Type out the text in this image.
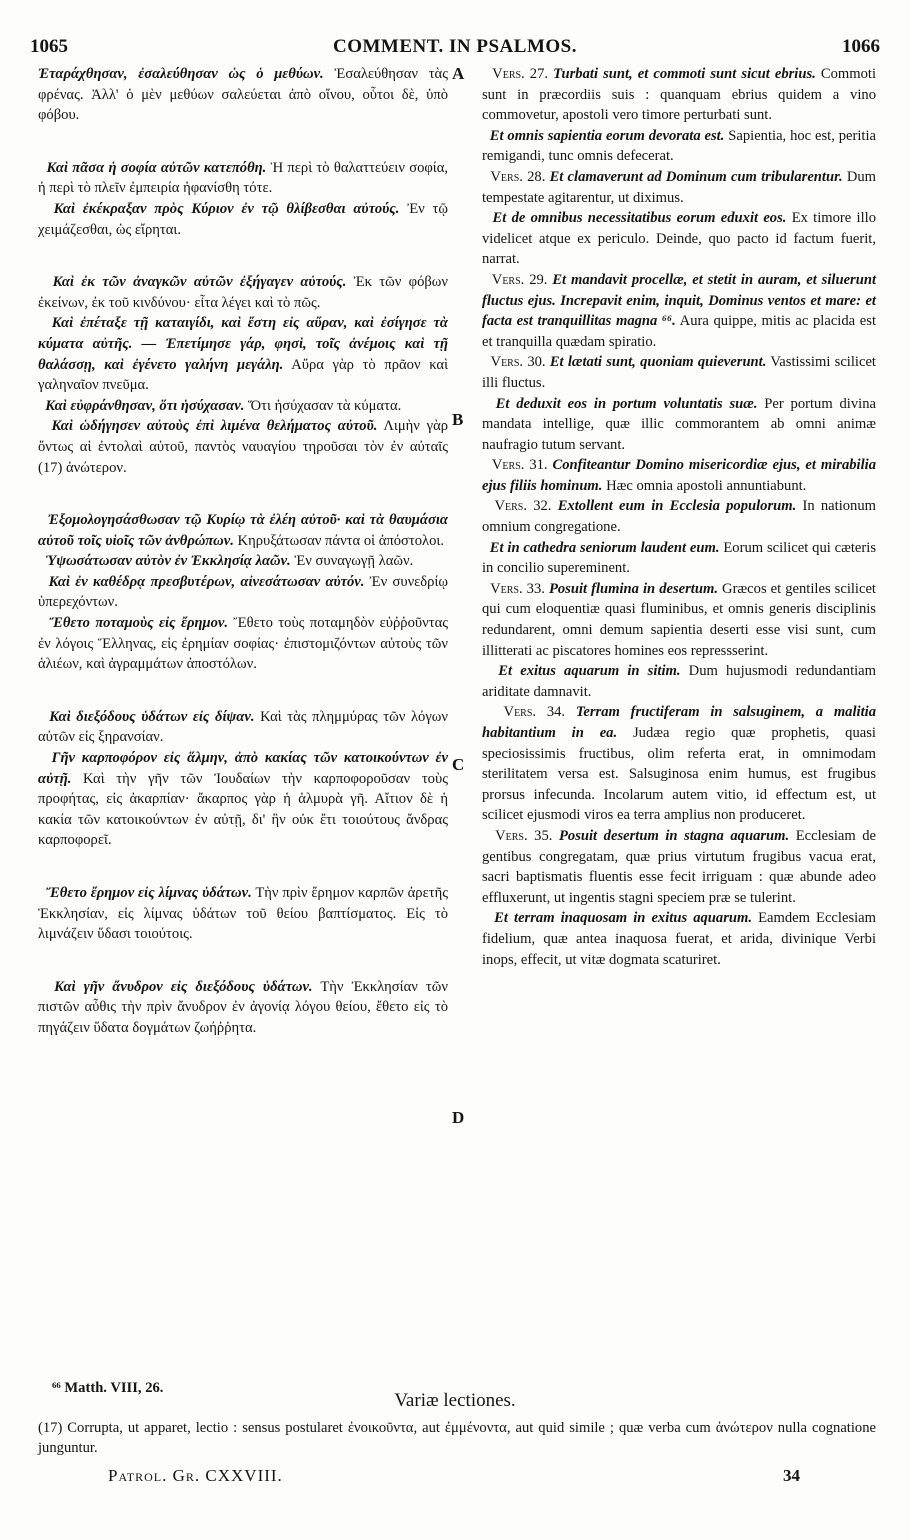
1065	COMMENT. IN PSALMOS.	1066

Ἐταράχθησαν, ἐσαλεύθησαν ὡς ὁ μεθύων. Ἐσαλεύθησαν τὰς φρένας. Ἀλλ' ὁ μὲν μεθύων σαλεύεται ἀπὸ οἴνου, οὗτοι δὲ, ὑπὸ φόβου.

Καὶ πᾶσα ἡ σοφία αὐτῶν κατεπόθη. Ἡ περὶ τὸ θαλαττεύειν σοφία, ἡ περὶ τὸ πλεῖν ἐμπειρία ἠφανίσθη τότε.

Καὶ ἐκέκραξαν πρὸς Κύριον ἐν τῷ θλίβεσθαι αὐτούς. Ἐν τῷ χειμάζεσθαι, ὡς εἴρηται.

Καὶ ἐκ τῶν ἀναγκῶν αὐτῶν ἐξήγαγεν αὐτούς. Ἐκ τῶν φόβων ἐκείνων, ἐκ τοῦ κινδύνου· εἶτα λέγει καὶ τὸ πῶς.

Καὶ ἐπέταξε τῇ καταιγίδι, καὶ ἔστη εἰς αὔραν, καὶ ἐσίγησε τὰ κύματα αὐτῆς. — Ἐπετίμησε γάρ, φησὶ, τοῖς ἀνέμοις καὶ τῇ θαλάσσῃ, καὶ ἐγένετο γαλήνη μεγάλη. Αὔρα γὰρ τὸ πρᾶον καὶ γαληναῖον πνεῦμα.

Καὶ εὐφράνθησαν, ὅτι ἡσύχασαν. Ὅτι ἡσύχασαν τὰ κύματα.

Καὶ ὡδήγησεν αὐτοὺς ἐπὶ λιμένα θελήματος αὐτοῦ. Λιμὴν γὰρ ὄντως αἱ ἐντολαὶ αὐτοῦ, παντὸς ναυαγίου τηροῦσαι τὸν ἐν αὐταῖς (17) ἀνώτερον.

Ἐξομολογησάσθωσαν τῷ Κυρίῳ τὰ ἐλέη αὐτοῦ· καὶ τὰ θαυμάσια αὐτοῦ τοῖς υἱοῖς τῶν ἀνθρώπων. Κηρυξάτωσαν πάντα οἱ ἀπόστολοι.

Ὑψωσάτωσαν αὐτὸν ἐν Ἐκκλησίᾳ λαῶν. Ἐν συναγωγῇ λαῶν.

Καὶ ἐν καθέδρᾳ πρεσβυτέρων, αἰνεσάτωσαν αὐτόν. Ἐν συνεδρίῳ ὑπερεχόντων.

Ἔθετο ποταμοὺς εἰς ἔρημον. Ἔθετο τοὺς ποταμηδὸν εὐῤῥοῦντας ἐν λόγοις Ἕλληνας, εἰς ἐρημίαν σοφίας· ἐπιστομιζόντων αὐτοὺς τῶν ἁλιέων, καὶ ἀγραμμάτων ἀποστόλων.

Καὶ διεξόδους ὑδάτων εἰς δίψαν. Καὶ τὰς πλημμύρας τῶν λόγων αὐτῶν εἰς ξηρανσίαν.

Γῆν καρποφόρον εἰς ἅλμην, ἀπὸ κακίας τῶν κατοικούντων ἐν αὐτῇ. Καὶ τὴν γῆν τῶν Ἰουδαίων τὴν καρποφοροῦσαν τοὺς προφήτας, εἰς ἀκαρπίαν· ἄκαρπος γὰρ ἡ ἁλμυρὰ γῆ. Αἴτιον δὲ ἡ κακία τῶν κατοικούντων ἐν αὐτῇ, δι' ἣν οὐκ ἔτι τοιούτους ἄνδρας καρποφορεῖ.

Ἔθετο ἔρημον εἰς λίμνας ὑδάτων. Τὴν πρὶν ἔρημον καρπῶν ἀρετῆς Ἐκκλησίαν, εἰς λίμνας ὑδάτων τοῦ θείου βαπτίσματος. Εἰς τὸ λιμνάζειν ὕδασι τοιούτοις.

Καὶ γῆν ἄνυδρον εἰς διεξόδους ὑδάτων. Τὴν Ἐκκλησίαν τῶν πιστῶν αὖθις τὴν πρὶν ἄνυδρον ἐν ἀγονίᾳ λόγου θείου, ἔθετο εἰς τὸ πηγάζειν ὕδατα δογμάτων ζωήῤῥητα.

A
B
C
D

Vers. 27. Turbati sunt, et commoti sunt sicut ebrius. Commoti sunt in præcordiis suis : quanquam ebrius quidem a vino commovetur, apostoli vero timore perturbati sunt.

Et omnis sapientia eorum devorata est. Sapientia, hoc est, peritia remigandi, tunc omnis defecerat.

Vers. 28. Et clamaverunt ad Dominum cum tribularentur. Dum tempestate agitarentur, ut diximus.

Et de omnibus necessitatibus eorum eduxit eos. Ex timore illo videlicet atque ex periculo. Deinde, quo pacto id factum fuerit, narrat.

Vers. 29. Et mandavit procellæ, et stetit in auram, et siluerunt fluctus ejus. Increpavit enim, inquit, Dominus ventos et mare: et facta est tranquillitas magna ⁶⁶. Aura quippe, mitis ac placida est et tranquilla quædam spiratio.

Vers. 30. Et lætati sunt, quoniam quieverunt. Vastissimi scilicet illi fluctus.

Et deduxit eos in portum voluntatis suæ. Per portum divina mandata intellige, quæ illic commorantem ab omni animæ naufragio tutum servant.

Vers. 31. Confiteantur Domino misericordiæ ejus, et mirabilia ejus filiis hominum. Hæc omnia apostoli annuntiabunt.

Vers. 32. Extollent eum in Ecclesia populorum. In nationum omnium congregatione.

Et in cathedra seniorum laudent eum. Eorum scilicet qui cæteris in concilio supereminent.

Vers. 33. Posuit flumina in desertum. Græcos et gentiles scilicet qui cum eloquentiæ quasi fluminibus, et omnis generis disciplinis redundarent, omni demum sapientia deserti esse visi sunt, cum illitterati ac piscatores homines eos repressserint.

Et exitus aquarum in sitim. Dum hujusmodi redundantiam ariditate damnavit.

Vers. 34. Terram fructiferam in salsuginem, a malitia habitantium in ea. Judæa regio quæ prophetis, quasi speciosissimis fructibus, olim referta erat, in omnimodam sterilitatem versa est. Salsuginosa enim humus, est frugibus prorsus infecunda. Incolarum autem vitio, id effectum est, ut scilicet ejusmodi viros ea terra amplius non produceret.

Vers. 35. Posuit desertum in stagna aquarum. Ecclesiam de gentibus congregatam, quæ prius virtutum frugibus vacua erat, sacri baptismatis fluentis esse fecit irriguam : quæ abunde adeo effluxerunt, ut ingentis stagni speciem præ se tulerint.

Et terram inaquosam in exitus aquarum. Eamdem Ecclesiam fidelium, quæ antea inaquosa fuerat, et arida, divinique Verbi inops, effecit, ut vitæ dogmata scaturiret.

⁶⁶ Matth. VIII, 26.
Variæ lectiones.
(17) Corrupta, ut apparet, lectio : sensus postularet ἐνοικοῦντα, aut ἐμμένοντα, aut quid simile ; quæ verba cum ἀνώτερον nulla cognatione junguntur.
Patrol. Gr. CXXVIII.	34
